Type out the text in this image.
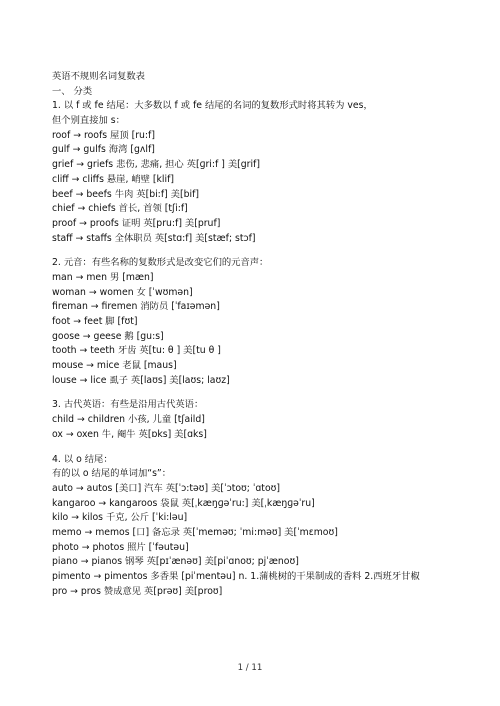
英语不规则名词复数表
一、 分类
1. 以 f 或 fe 结尾：大多数以 f 或 fe 结尾的名词的复数形式时将其转为 ves，
但个别直接加 s：
roof → roofs 屋顶 [ru:f]
gulf → gulfs 海湾 [gʌlf]
grief → griefs 悲伤, 悲痛, 担心 英[ɡri:f ] 美[grif]
cliff → cliffs 悬崖, 峭壁 [klif]
beef → beefs 牛肉 英[bi:f] 美[bif]
chief → chiefs 首长, 首领 [tʃi:f]
proof → proofs 证明 英[pru:f] 美[pruf]
staff → staffs 全体职员 英[stɑ:f] 美[stæf; stɔf]
2. 元音：有些名称的复数形式是改变它们的元音声：
man → men 男 [mæn]
woman → women 女 [ˈwʊmən]
fireman → firemen 消防员 [ˈfaɪəmən]
foot → feet 脚 [fʊt]
goose → geese 鹅 [gu:s]
tooth → teeth 牙齿 英[tu: θ ] 美[tu θ ]
mouse → mice 老鼠 [maus]
louse → lice 虱子 英[laʊs] 美[laʊs; laʊz]
3. 古代英语：有些是沿用古代英语：
child → children 小孩, 儿童 [tʃaild]
ox → oxen 牛, 阉牛 英[ɒks] 美[ɑks]
4. 以 o 结尾：
有的以 o 结尾的单词加“s”：
auto → autos [美口] 汽车 英[ˈɔ:təʊ] 美[ˈɔtoʊ; ˈɑtoʊ]
kangaroo → kangaroos 袋鼠 英[ˌkæŋɡəˈru:] 美[ˌkæŋɡəˈru]
kilo → kilos 千克, 公斤 [ˈki:ləu]
memo → memos [口] 备忘录 英[ˈmeməʊ; ˈmi:məʊ] 美[ˈmɛmoʊ]
photo → photos 照片 [ˈfəutəu]
piano → pianos 钢琴 英[pɪˈænəʊ] 美[piˈɑnoʊ; pjˈænoʊ]
pimento → pimentos 多香果 [piˈmentəu] n. 1.蒲桃树的干果制成的香料 2.西班牙甘椒
pro → pros 赞成意见 英[prəʊ] 美[proʊ]
1 / 11
